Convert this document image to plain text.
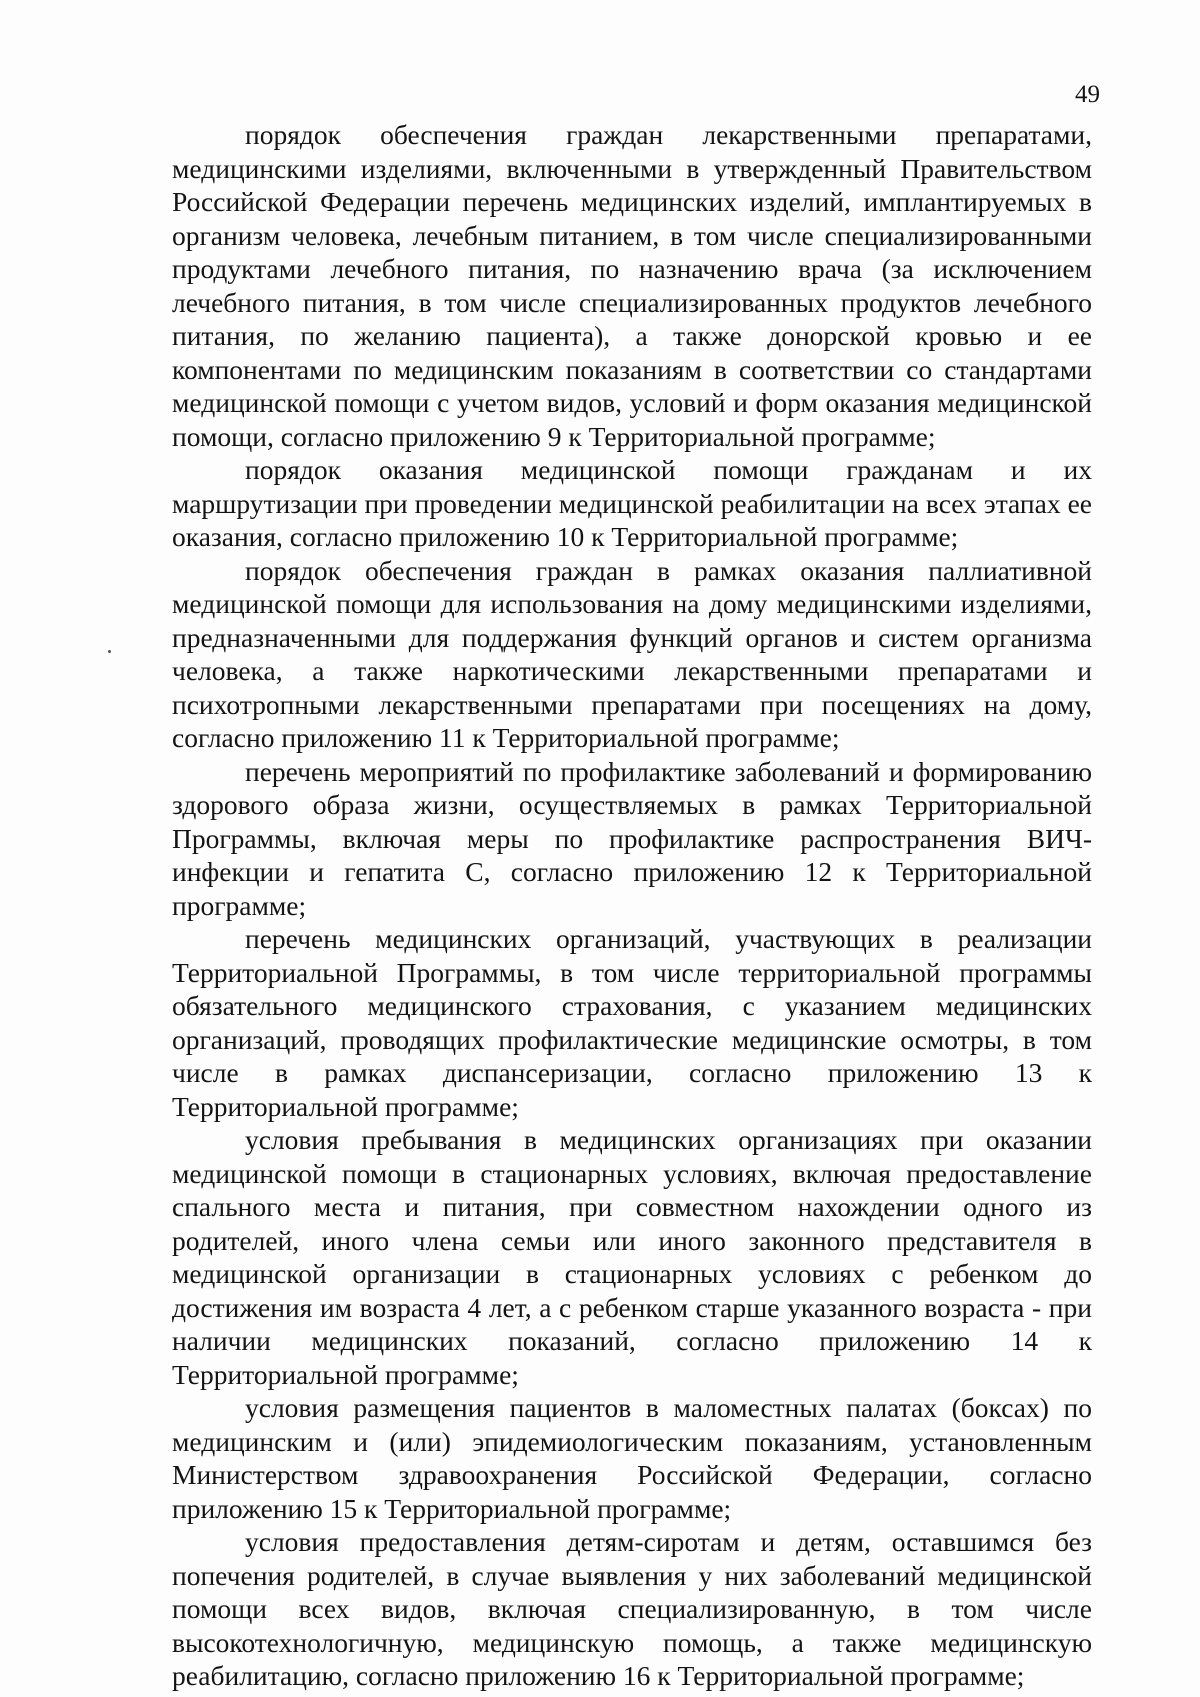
49

порядок обеспечения граждан лекарственными препаратами, медицинскими изделиями, включенными в утвержденный Правительством Российской Федерации перечень медицинских изделий, имплантируемых в организм человека, лечебным питанием, в том числе специализированными продуктами лечебного питания, по назначению врача (за исключением лечебного питания, в том числе специализированных продуктов лечебного питания, по желанию пациента), а также донорской кровью и ее компонентами по медицинским показаниям в соответствии со стандартами медицинской помощи с учетом видов, условий и форм оказания медицинской помощи, согласно приложению 9 к Территориальной программе;

порядок оказания медицинской помощи гражданам и их маршрутизации при проведении медицинской реабилитации на всех этапах ее оказания, согласно приложению 10 к Территориальной программе;

порядок обеспечения граждан в рамках оказания паллиативной медицинской помощи для использования на дому медицинскими изделиями, предназначенными для поддержания функций органов и систем организма человека, а также наркотическими лекарственными препаратами и психотропными лекарственными препаратами при посещениях на дому, согласно приложению 11 к Территориальной программе;

перечень мероприятий по профилактике заболеваний и формированию здорового образа жизни, осуществляемых в рамках Территориальной Программы, включая меры по профилактике распространения ВИЧ-инфекции и гепатита С, согласно приложению 12 к Территориальной программе;

перечень медицинских организаций, участвующих в реализации Территориальной Программы, в том числе территориальной программы обязательного медицинского страхования, с указанием медицинских организаций, проводящих профилактические медицинские осмотры, в том числе в рамках диспансеризации, согласно приложению 13 к Территориальной программе;

условия пребывания в медицинских организациях при оказании медицинской помощи в стационарных условиях, включая предоставление спального места и питания, при совместном нахождении одного из родителей, иного члена семьи или иного законного представителя в медицинской организации в стационарных условиях с ребенком до достижения им возраста 4 лет, а с ребенком старше указанного возраста - при наличии медицинских показаний, согласно приложению 14 к Территориальной программе;

условия размещения пациентов в маломестных палатах (боксах) по медицинским и (или) эпидемиологическим показаниям, установленным Министерством здравоохранения Российской Федерации, согласно приложению 15 к Территориальной программе;

условия предоставления детям-сиротам и детям, оставшимся без попечения родителей, в случае выявления у них заболеваний медицинской помощи всех видов, включая специализированную, в том числе высокотехнологичную, медицинскую помощь, а также медицинскую реабилитацию, согласно приложению 16 к Территориальной программе;
